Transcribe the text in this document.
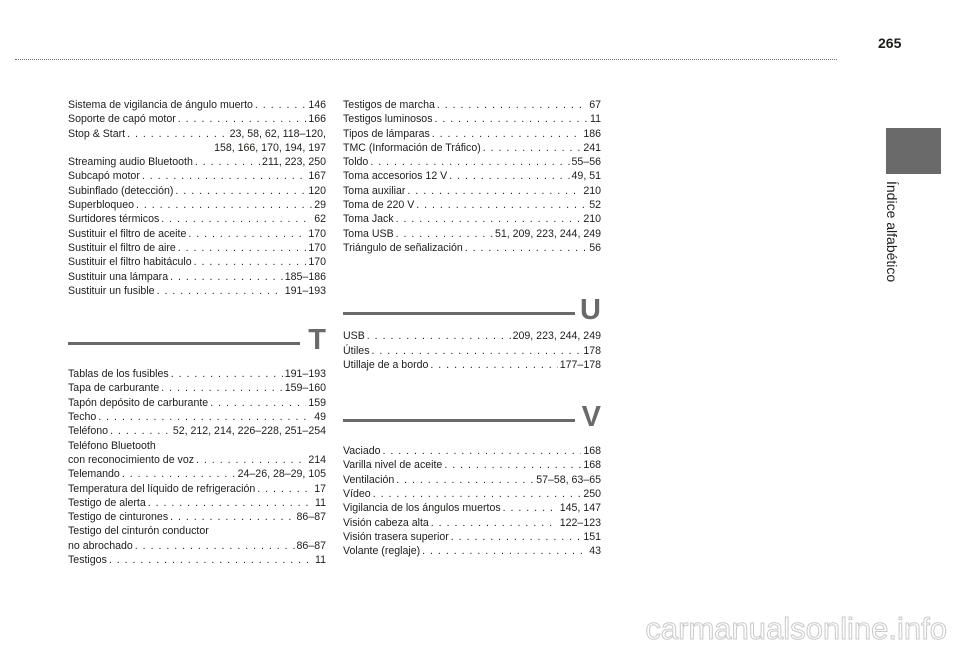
265
Índice alfabético
Sistema de vigilancia de ángulo muerto . . .	146
Soporte de capó motor . . .	166
Stop & Start . . .	23, 58, 62, 118–120,
158, 166, 170, 194, 197
Streaming audio Bluetooth . . .	211, 223, 250
Subcapó motor . . .	167
Subinflado (detección) . . .	120
Superbloqueo . . .	29
Surtidores térmicos . . .	62
Sustituir el filtro de aceite . . .	170
Sustituir el filtro de aire . . .	170
Sustituir el filtro habitáculo . . .	170
Sustituir una lámpara . . .	185–186
Sustituir un fusible . . .	191–193
T
Tablas de los fusibles . . .	191–193
Tapa de carburante . . .	159–160
Tapón depósito de carburante . . .	159
Techo . . .	49
Teléfono . . .	52, 212, 214, 226–228, 251–254
Teléfono Bluetooth
con reconocimiento de voz . . .	214
Telemando . . .	24–26, 28–29, 105
Temperatura del líquido de refrigeración . . .	17
Testigo de alerta . . .	11
Testigo de cinturones . . .	86–87
Testigo del cinturón conductor
no abrochado . . .	86–87
Testigos . . .	11
Testigos de marcha . . .	67
Testigos luminosos . . .	11
Tipos de lámparas . . .	186
TMC (Información de Tráfico) . . .	241
Toldo . . .	55–56
Toma accesorios 12 V . . .	49, 51
Toma auxiliar . . .	210
Toma de 220 V . . .	52
Toma Jack . . .	210
Toma USB . . .	51, 209, 223, 244, 249
Triángulo de señalización . . .	56
U
USB . . .	209, 223, 244, 249
Útiles . . .	178
Utillaje de a bordo . . .	177–178
V
Vaciado . . .	168
Varilla nivel de aceite . . .	168
Ventilación . . .	57–58, 63–65
Vídeo . . .	250
Vigilancia de los ángulos muertos . . .	145, 147
Visión cabeza alta . . .	122–123
Visión trasera superior . . .	151
Volante (reglaje) . . .	43
carmanualsonline.info
